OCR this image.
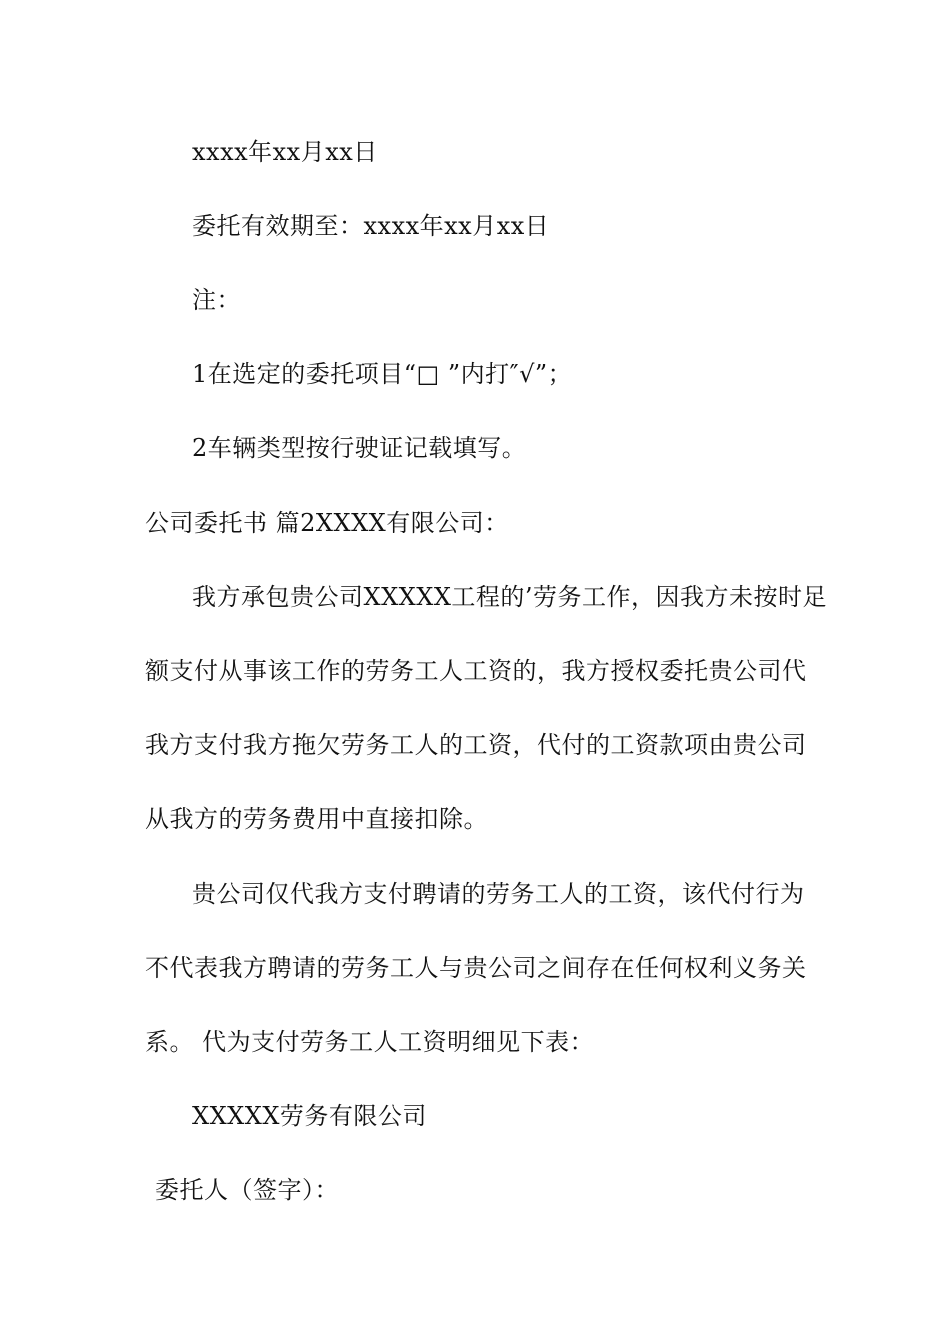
xxxx年xx月xx日
委托有效期至：xxxx年xx月xx日
注：
1在选定的委托项目“□ ”内打″√”；
2车辆类型按行驶证记载填写。
公司委托书 篇2XXXX有限公司：
我方承包贵公司XXXXX工程的’劳务工作，因我方未按时足
额支付从事该工作的劳务工人工资的，我方授权委托贵公司代
我方支付我方拖欠劳务工人的工资，代付的工资款项由贵公司
从我方的劳务费用中直接扣除。
贵公司仅代我方支付聘请的劳务工人的工资，该代付行为
不代表我方聘请的劳务工人与贵公司之间存在任何权利义务关
系。 代为支付劳务工人工资明细见下表：
XXXXX劳务有限公司
委托人（签字）：
